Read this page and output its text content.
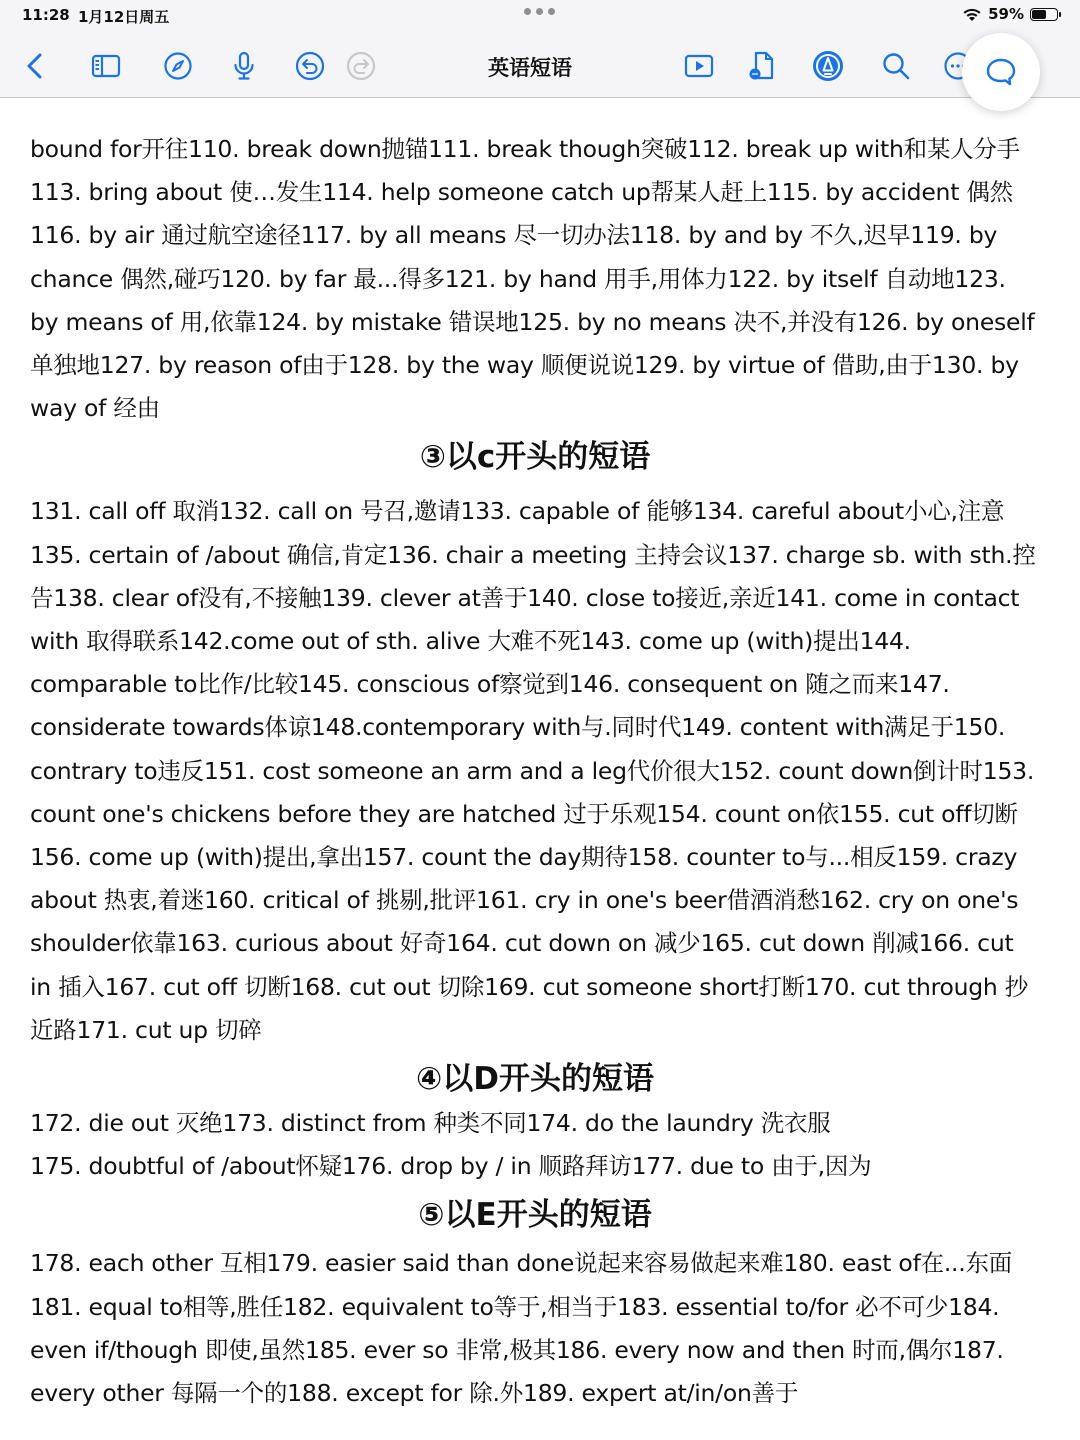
11:28 1月12日周五	59%
英语短语

bound for开往110. break down抛锚111. break though突破112. break up with和某人分手113. bring about 使…发生114. help someone catch up帮某人赶上115. by accident 偶然116. by air 通过航空途径117. by all means 尽一切办法118. by and by 不久,迟早119. by chance 偶然,碰巧120. by far 最...得多121. by hand 用手,用体力122. by itself 自动地123. by means of 用,依靠124. by mistake 错误地125. by no means 决不,并没有126. by oneself 单独地127. by reason of由于128. by the way 顺便说说129. by virtue of 借助,由于130. by way of 经由

③以c开头的短语

131. call off 取消132. call on 号召,邀请133. capable of 能够134. careful about小心,注意135. certain of /about 确信,肯定136. chair a meeting 主持会议137. charge sb. with sth.控告138. clear of没有,不接触139. clever at善于140. close to接近,亲近141. come in contact with 取得联系142.come out of sth. alive 大难不死143. come up (with)提出144. comparable to比作/比较145. conscious of察觉到146. consequent on 随之而来147. considerate towards体谅148.contemporary with与.同时代149. content with满足于150. contrary to违反151. cost someone an arm and a leg代价很大152. count down倒计时153. count one's chickens before they are hatched 过于乐观154. count on依155. cut off切断156. come up (with)提出,拿出157. count the day期待158. counter to与...相反159. crazy about 热衷,着迷160. critical of 挑剔,批评161. cry in one's beer借酒消愁162. cry on one's shoulder依靠163. curious about 好奇164. cut down on 减少165. cut down 削减166. cut in 插入167. cut off 切断168. cut out 切除169. cut someone short打断170. cut through 抄近路171. cut up 切碎

④以D开头的短语

172. die out 灭绝173. distinct from 种类不同174. do the laundry 洗衣服

175. doubtful of /about怀疑176. drop by / in 顺路拜访177. due to 由于,因为

⑤以E开头的短语

178. each other 互相179. easier said than done说起来容易做起来难180. east of在...东面181. equal to相等,胜任182. equivalent to等于,相当于183. essential to/for 必不可少184. even if/though 即使,虽然185. ever so 非常,极其186. every now and then 时而,偶尔187. every other 每隔一个的188. except for 除.外189. expert at/in/on善于
